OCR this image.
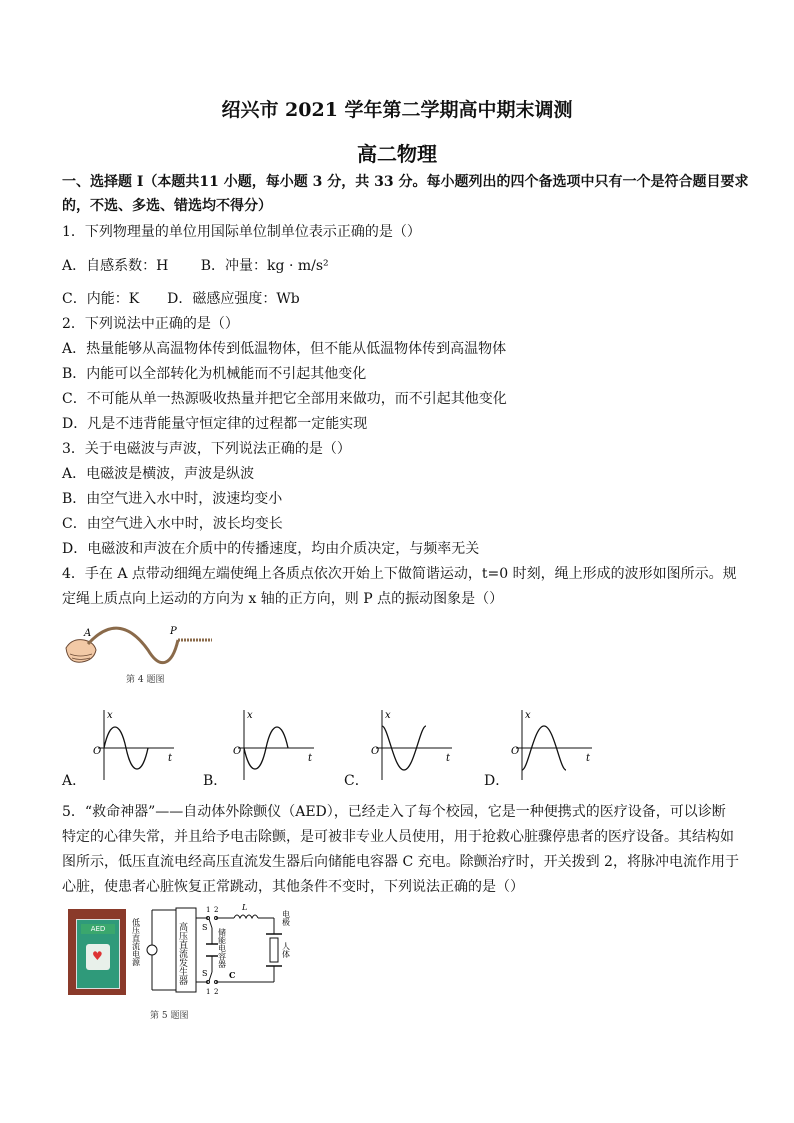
绍兴市 2021 学年第二学期高中期末调测
高二物理
一、选择题 I（本题共11 小题，每小题 3 分，共 33 分。每小题列出的四个备选项中只有一个是符合题目要求
的，不选、多选、错选均不得分）
1．下列物理量的单位用国际单位制单位表示正确的是（）
A．自感系数：H　　 B．冲量：kg · m/s²
C．内能：K　　D．磁感应强度：Wb
2．下列说法中正确的是（）
A．热量能够从高温物体传到低温物体，但不能从低温物体传到高温物体
B．内能可以全部转化为机械能而不引起其他变化
C．不可能从单一热源吸收热量并把它全部用来做功，而不引起其他变化
D．凡是不违背能量守恒定律的过程都一定能实现
3．关于电磁波与声波，下列说法正确的是（）
A．电磁波是横波，声波是纵波
B．由空气进入水中时，波速均变小
C．由空气进入水中时，波长均变长
D．电磁波和声波在介质中的传播速度，均由介质决定，与频率无关
4．手在 A 点带动细绳左端使绳上各质点依次开始上下做简谐运动，t=0 时刻，绳上形成的波形如图所示。规
定绳上质点向上运动的方向为 x 轴的正方向，则 P 点的振动图象是（）
A	P
第 4 题图
A．	B．	C．	D．
x
t
O
x
t
O
x
t
O
x
t
O
5．“救命神器”——自动体外除颤仪（AED），已经走入了每个校园，它是一种便携式的医疗设备，可以诊断
特定的心律失常，并且给予电击除颤，是可被非专业人员使用，用于抢救心脏骤停患者的医疗设备。其结构如
图所示，低压直流电经高压直流发生器后向储能电容器 C 充电。除颤治疗时，开关拨到 2，将脉冲电流作用于
心脏，使患者心脏恢复正常跳动，其他条件不变时，下列说法正确的是（）
AED
♥	低压直流电源	高压直流发生器
1 2
S
1 2
S
储能电容器
C
L
电极
人体
第 5 题图
